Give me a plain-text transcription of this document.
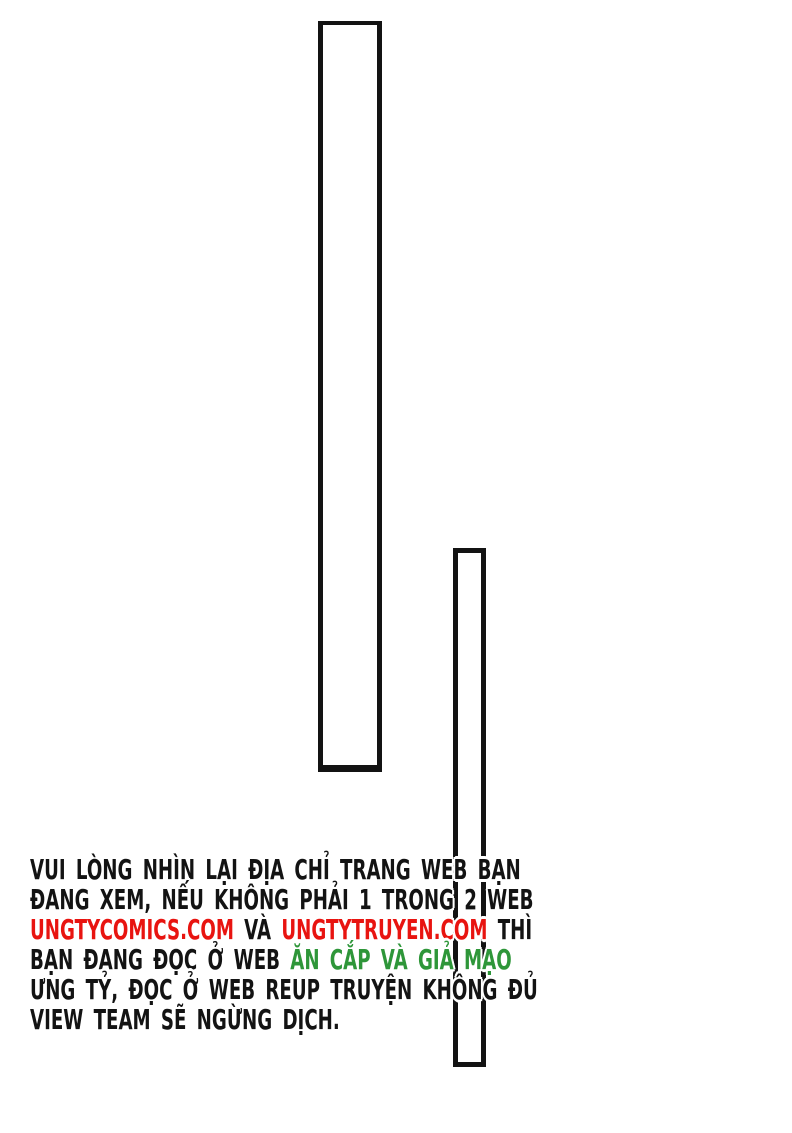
VUI LÒNG NHÌN LẠI ĐỊA CHỈ TRANG WEB BẠN

ĐANG XEM, NẾU KHÔNG PHẢI 1 TRONG 2 WEB

UNGTYCOMICS.COM VÀ UNGTYTRUYEN.COM THÌ

BẠN ĐANG ĐỌC Ở WEB ĂN CẮP VÀ GIẢ MẠO

ƯNG TỶ, ĐỌC Ở WEB REUP TRUYỆN KHÔNG ĐỦ

VIEW TEAM SẼ NGỪNG DỊCH.
